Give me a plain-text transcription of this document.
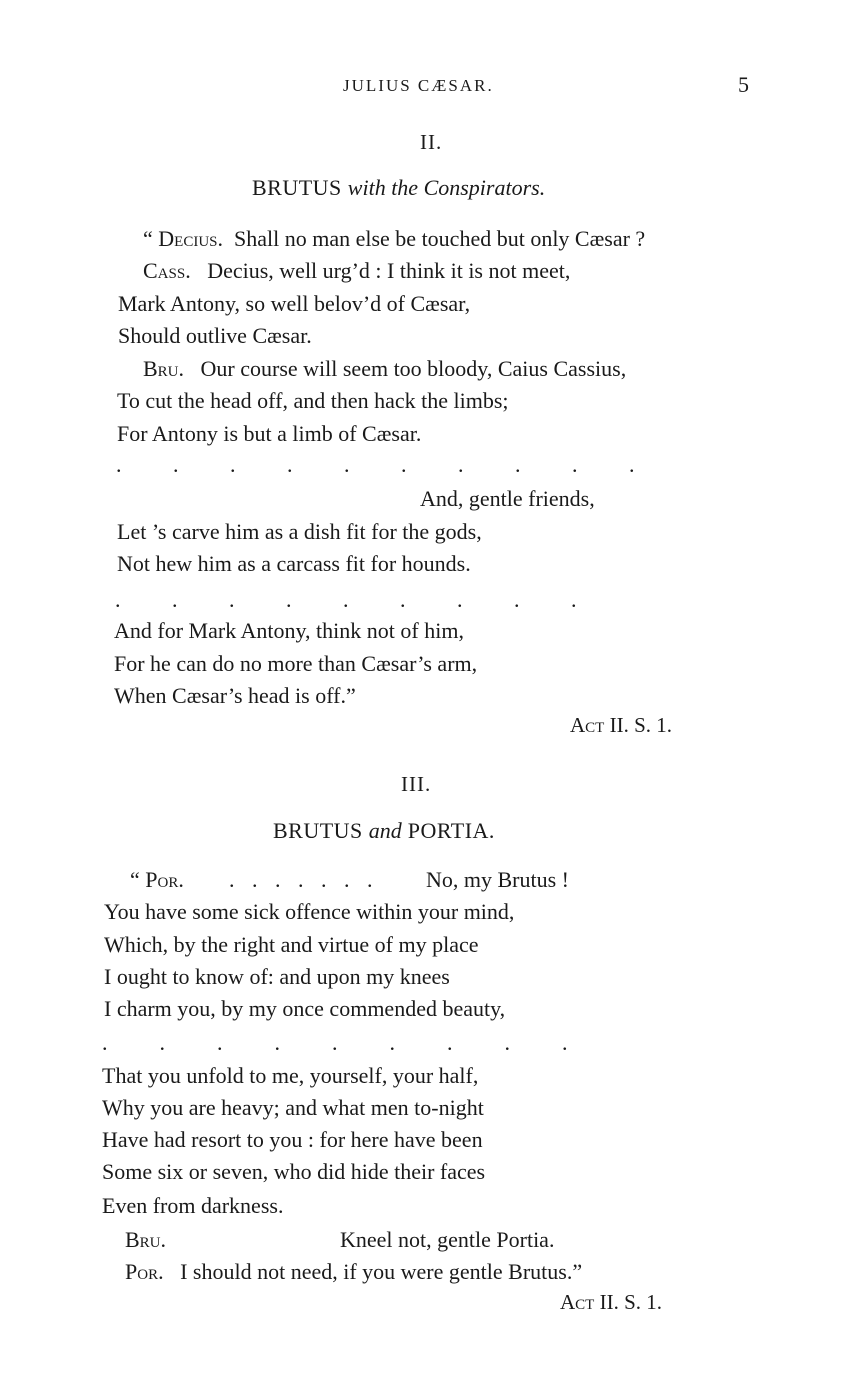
JULIUS CÆSAR.	5
II.
BRUTUS with the Conspirators.
“ Decius. Shall no man else be touched but only Cæsar ?
Cass. Decius, well urg’d : I think it is not meet,
Mark Antony, so well belov’d of Cæsar,
Should outlive Cæsar.
Bru. Our course will seem too bloody, Caius Cassius,
To cut the head off, and then hack the limbs;
For Antony is but a limb of Cæsar.
. . . . . . . . . .
And, gentle friends,
Let ’s carve him as a dish fit for the gods,
Not hew him as a carcass fit for hounds.
. . . . . . . . .
And for Mark Antony, think not of him,
For he can do no more than Cæsar’s arm,
When Cæsar’s head is off.”
Act II. S. 1.
III.
BRUTUS and PORTIA.
“ Por. . . . . . . . No, my Brutus !
You have some sick offence within your mind,
Which, by the right and virtue of my place
I ought to know of: and upon my knees
I charm you, by my once commended beauty,
. . . . . . . . .
That you unfold to me, yourself, your half,
Why you are heavy; and what men to-night
Have had resort to you : for here have been
Some six or seven, who did hide their faces
Even from darkness.
Bru.	Kneel not, gentle Portia.
Por. I should not need, if you were gentle Brutus.”
Act II. S. 1.
